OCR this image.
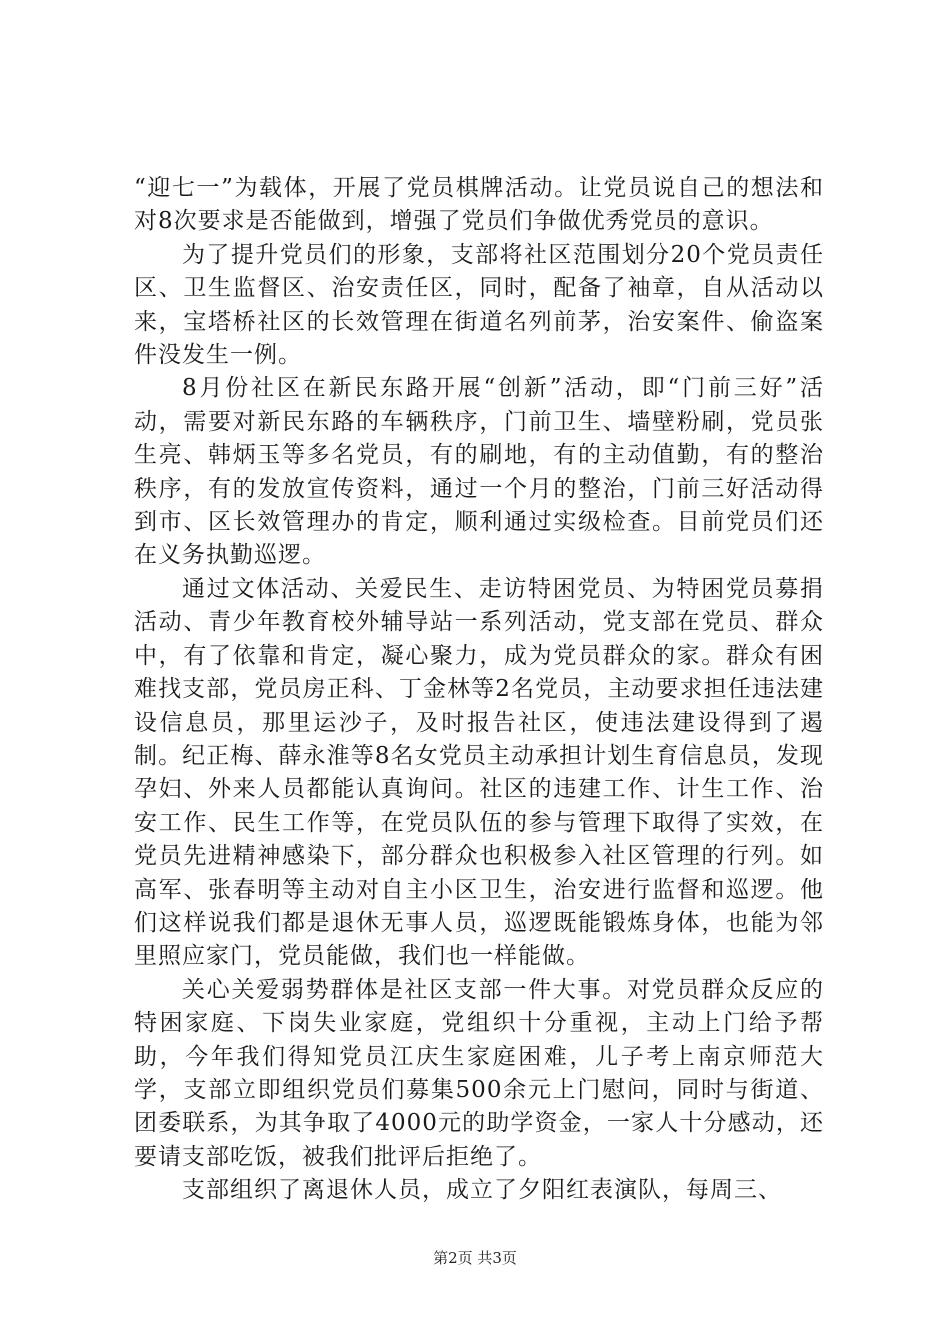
“迎七一”为载体，开展了党员棋牌活动。让党员说自己的想法和对8次要求是否能做到，增强了党员们争做优秀党员的意识。

为了提升党员们的形象，支部将社区范围划分20个党员责任区、卫生监督区、治安责任区，同时，配备了袖章，自从活动以来，宝塔桥社区的长效管理在街道名列前茅，治安案件、偷盗案件没发生一例。

8月份社区在新民东路开展“创新”活动，即“门前三好”活动，需要对新民东路的车辆秩序，门前卫生、墙壁粉刷，党员张生亮、韩炳玉等多名党员，有的刷地，有的主动值勤，有的整治秩序，有的发放宣传资料，通过一个月的整治，门前三好活动得到市、区长效管理办的肯定，顺利通过实级检查。目前党员们还在义务执勤巡逻。

通过文体活动、关爱民生、走访特困党员、为特困党员募捐活动、青少年教育校外辅导站一系列活动，党支部在党员、群众中，有了依靠和肯定，凝心聚力，成为党员群众的家。群众有困难找支部，党员房正科、丁金林等2名党员，主动要求担任违法建设信息员，那里运沙子，及时报告社区，使违法建设得到了遏制。纪正梅、薛永淮等8名女党员主动承担计划生育信息员，发现孕妇、外来人员都能认真询问。社区的违建工作、计生工作、治安工作、民生工作等，在党员队伍的参与管理下取得了实效，在党员先进精神感染下，部分群众也积极参入社区管理的行列。如高军、张春明等主动对自主小区卫生，治安进行监督和巡逻。他们这样说我们都是退休无事人员，巡逻既能锻炼身体，也能为邻里照应家门，党员能做，我们也一样能做。

关心关爱弱势群体是社区支部一件大事。对党员群众反应的特困家庭、下岗失业家庭，党组织十分重视，主动上门给予帮助，今年我们得知党员江庆生家庭困难，儿子考上南京师范大学，支部立即组织党员们募集500余元上门慰问，同时与街道、团委联系，为其争取了4000元的助学资金，一家人十分感动，还要请支部吃饭，被我们批评后拒绝了。

支部组织了离退休人员，成立了夕阳红表演队，每周三、

第2页 共3页
